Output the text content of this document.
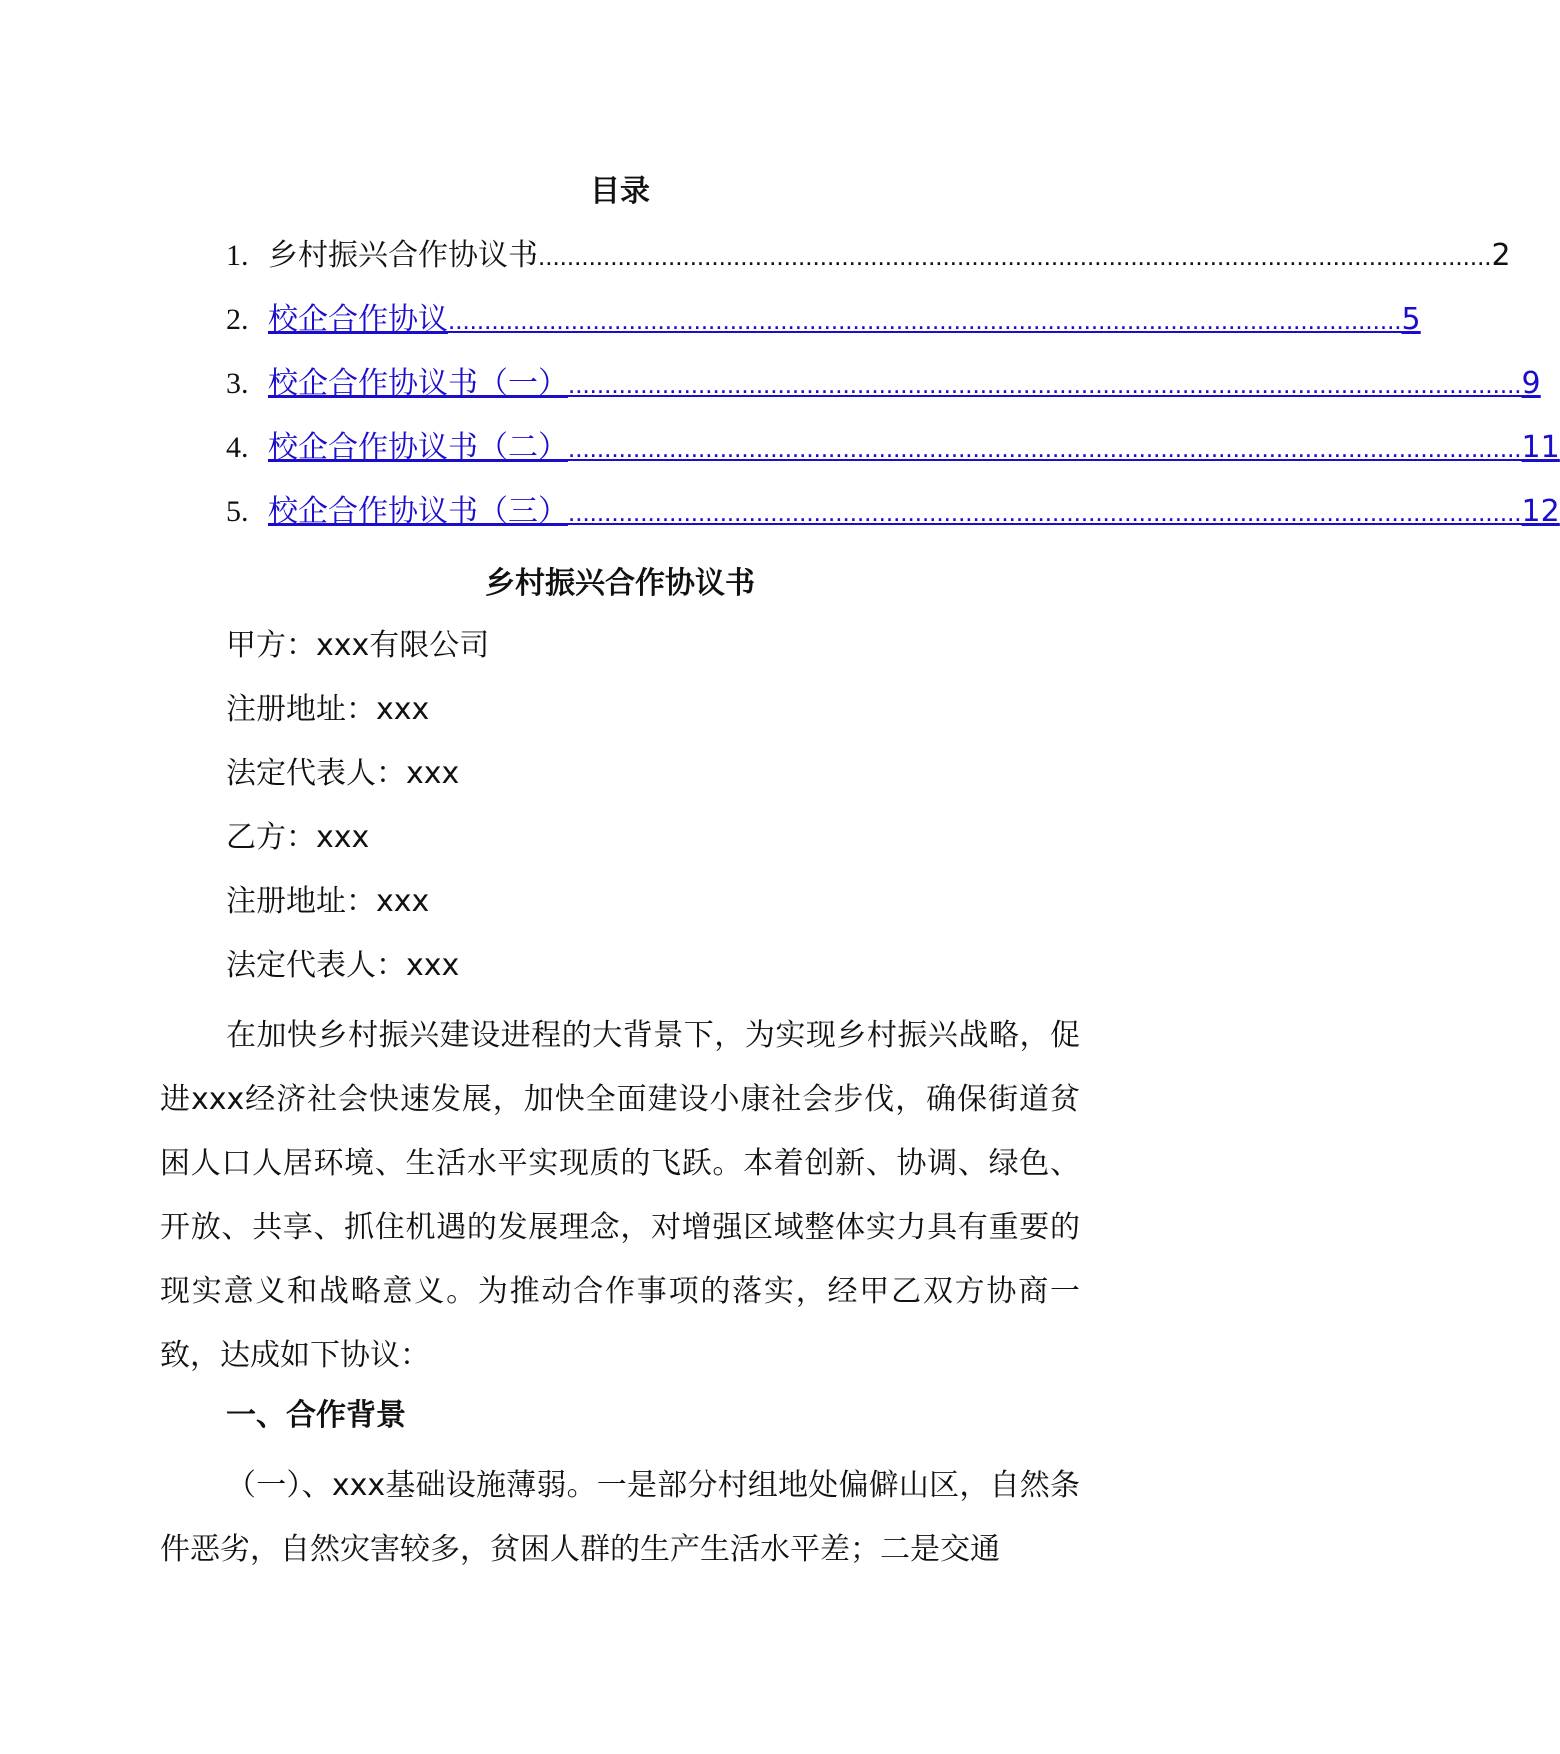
目录
1. 乡村振兴合作协议书 .................................................................................................................................... 2
2. 校企合作协议 .................................................................................................................................... 5
3. 校企合作协议书（一） .................................................................................................................................... 9
4. 校企合作协议书（二） .................................................................................................................................... 11
5. 校企合作协议书（三） .................................................................................................................................... 12
乡村振兴合作协议书
甲方：xxx有限公司
注册地址：xxx
法定代表人：xxx
乙方：xxx
注册地址：xxx
法定代表人：xxx

在加快乡村振兴建设进程的大背景下，为实现乡村振兴战略，促进xxx经济社会快速发展，加快全面建设小康社会步伐，确保街道贫困人口人居环境、生活水平实现质的飞跃。本着创新、协调、绿色、开放、共享、抓住机遇的发展理念，对增强区域整体实力具有重要的现实意义和战略意义。为推动合作事项的落实，经甲乙双方协商一致，达成如下协议：

一、合作背景

（一）、xxx基础设施薄弱。一是部分村组地处偏僻山区，自然条件恶劣，自然灾害较多，贫困人群的生产生活水平差；二是交通
